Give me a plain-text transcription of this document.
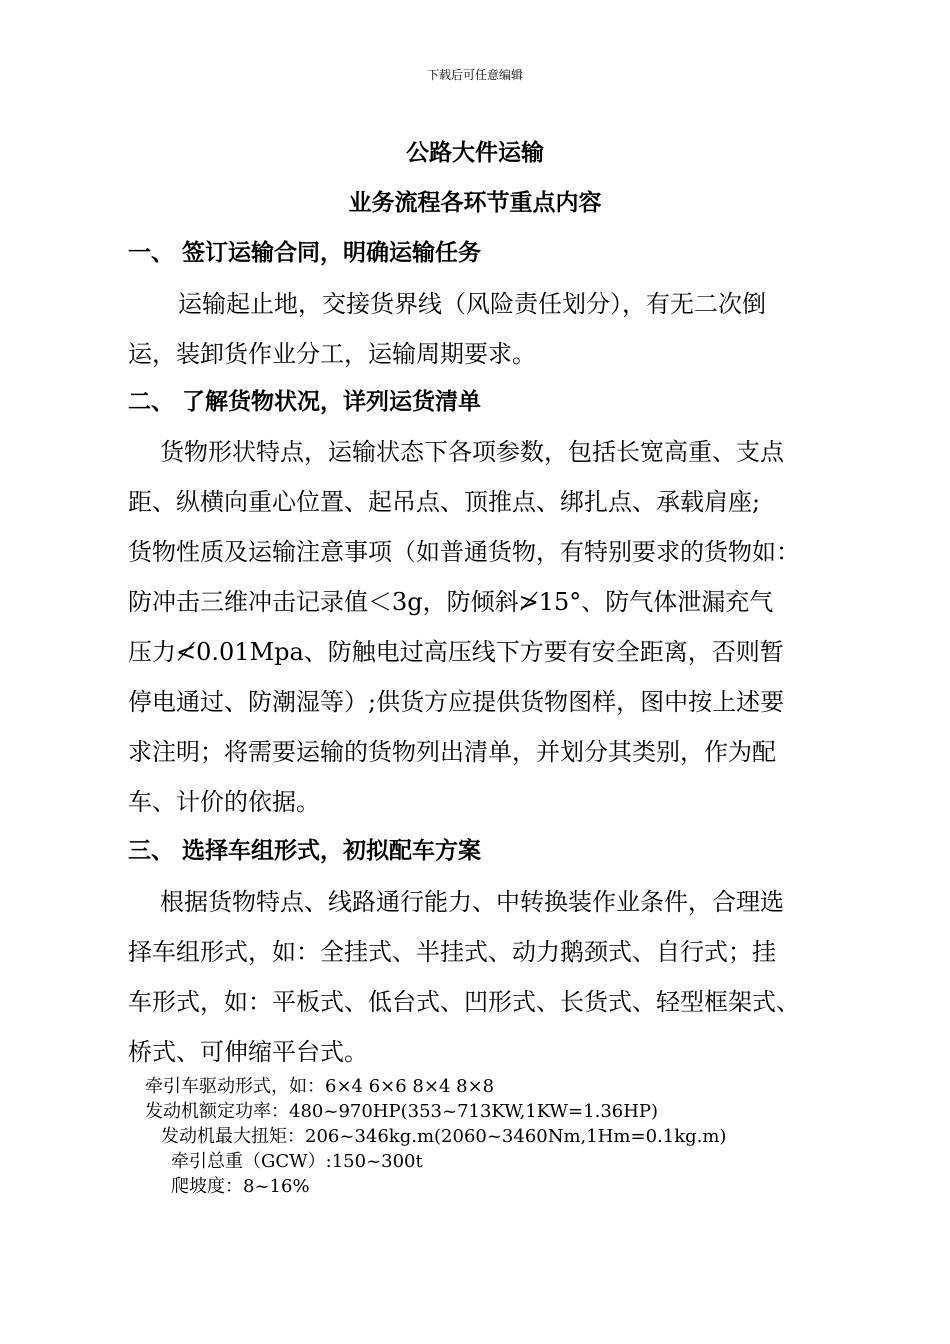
下载后可任意编辑
公路大件运输
业务流程各环节重点内容
一、 签订运输合同，明确运输任务
运输起止地，交接货界线（风险责任划分），有无二次倒
运，装卸货作业分工，运输周期要求。
二、 了解货物状况，详列运货清单
货物形状特点，运输状态下各项参数，包括长宽高重、支点
距、纵横向重心位置、起吊点、顶推点、绑扎点、承载肩座;
货物性质及运输注意事项（如普通货物，有特别要求的货物如：
防冲击三维冲击记录值＜3g，防倾斜≯15°、防气体泄漏充气
压力≮0.01Mpa、防触电过高压线下方要有安全距离，否则暂
停电通过、防潮湿等）;供货方应提供货物图样，图中按上述要
求注明；将需要运输的货物列出清单，并划分其类别，作为配
车、计价的依据。
三、 选择车组形式，初拟配车方案
根据货物特点、线路通行能力、中转换装作业条件，合理选
择车组形式，如：全挂式、半挂式、动力鹅颈式、自行式；挂
车形式，如：平板式、低台式、凹形式、长货式、轻型框架式、
桥式、可伸缩平台式。
牵引车驱动形式，如：6×4 6×6 8×4 8×8
发动机额定功率：480~970HP(353~713KW,1KW=1.36HP)
发动机最大扭矩：206~346kg.m(2060~3460Nm,1Hm=0.1kg.m)
牵引总重（GCW）:150~300t
爬坡度：8~16%
